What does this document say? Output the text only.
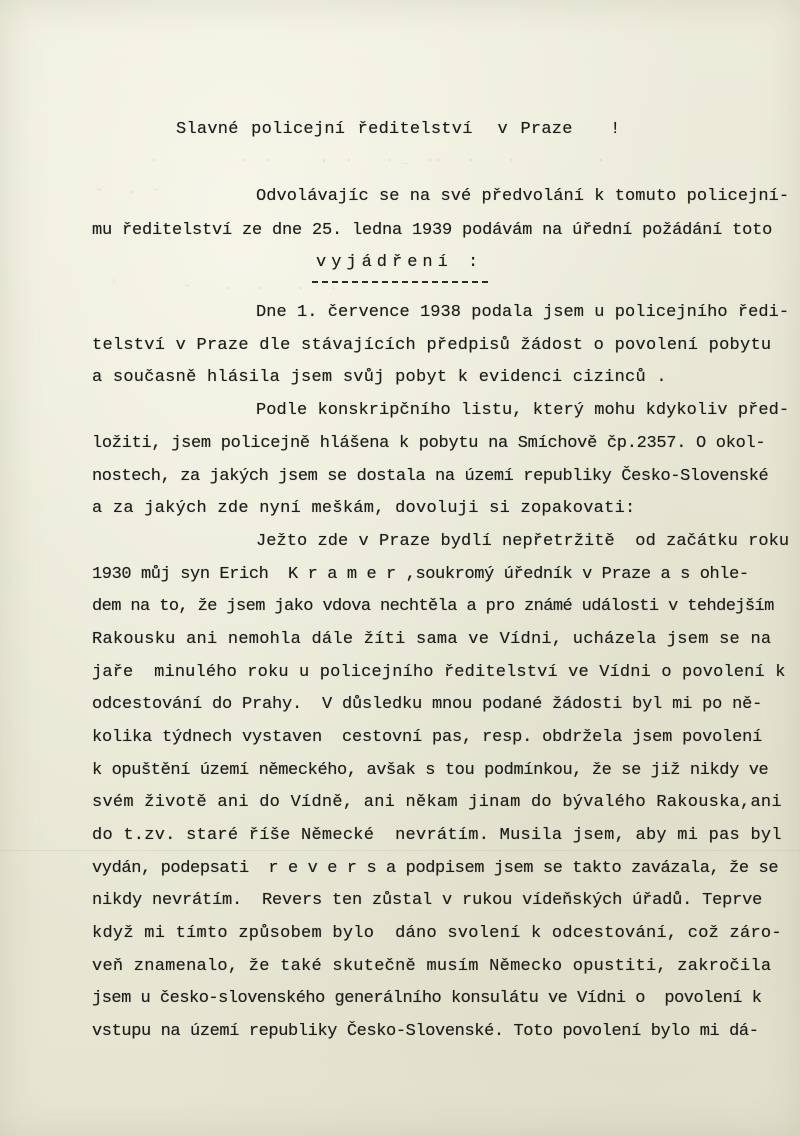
.          .  .      ,  .    . _  ..   .    .          .
-   .  -
'        -    .   .    .   .
Slavné policejní ředitelství  v Praze   !
Odvolávajíc se na své předvolání k tomuto policejní-
mu ředitelství ze dne 25. ledna 1939 podávám na úřední požádání toto
vyjádření :
Dne 1. července 1938 podala jsem u policejního ředi-
telství v Praze dle stávajících předpisů žádost o povolení pobytu
a současně hlásila jsem svůj pobyt k evidenci cizinců .
Podle konskripčního listu, který mohu kdykoliv před-
ložiti, jsem policejně hlášena k pobytu na Smíchově čp.2357. O okol-
nostech, za jakých jsem se dostala na území republiky Česko-Slovenské
a za jakých zde nyní meškám, dovoluji si zopakovati:
Ježto zde v Praze bydlí nepřetržitě  od začátku roku
1930 můj syn Erich  K r a m e r ,soukromý úředník v Praze a s ohle-
dem na to, že jsem jako vdova nechtěla a pro známé události v tehdejším
Rakousku ani nemohla dále žíti sama ve Vídni, ucházela jsem se na
jaře  minulého roku u policejního ředitelství ve Vídni o povolení k
odcestování do Prahy.  V důsledku mnou podané žádosti byl mi po ně-
kolika týdnech vystaven  cestovní pas, resp. obdržela jsem povolení
k opuštění území německého, avšak s tou podmínkou, že se již nikdy ve
svém životě ani do Vídně, ani někam jinam do bývalého Rakouska,ani
do t.zv. staré říše Německé  nevrátím. Musila jsem, aby mi pas byl
vydán, podepsati  r e v e r s a podpisem jsem se takto zavázala, že se
nikdy nevrátím.  Revers ten zůstal v rukou vídeňských úřadů. Teprve
když mi tímto způsobem bylo  dáno svolení k odcestování, což záro-
veň znamenalo, že také skutečně musím Německo opustiti, zakročila
jsem u česko-slovenského generálního konsulátu ve Vídni o  povolení k
vstupu na území republiky Česko-Slovenské. Toto povolení bylo mi dá-
